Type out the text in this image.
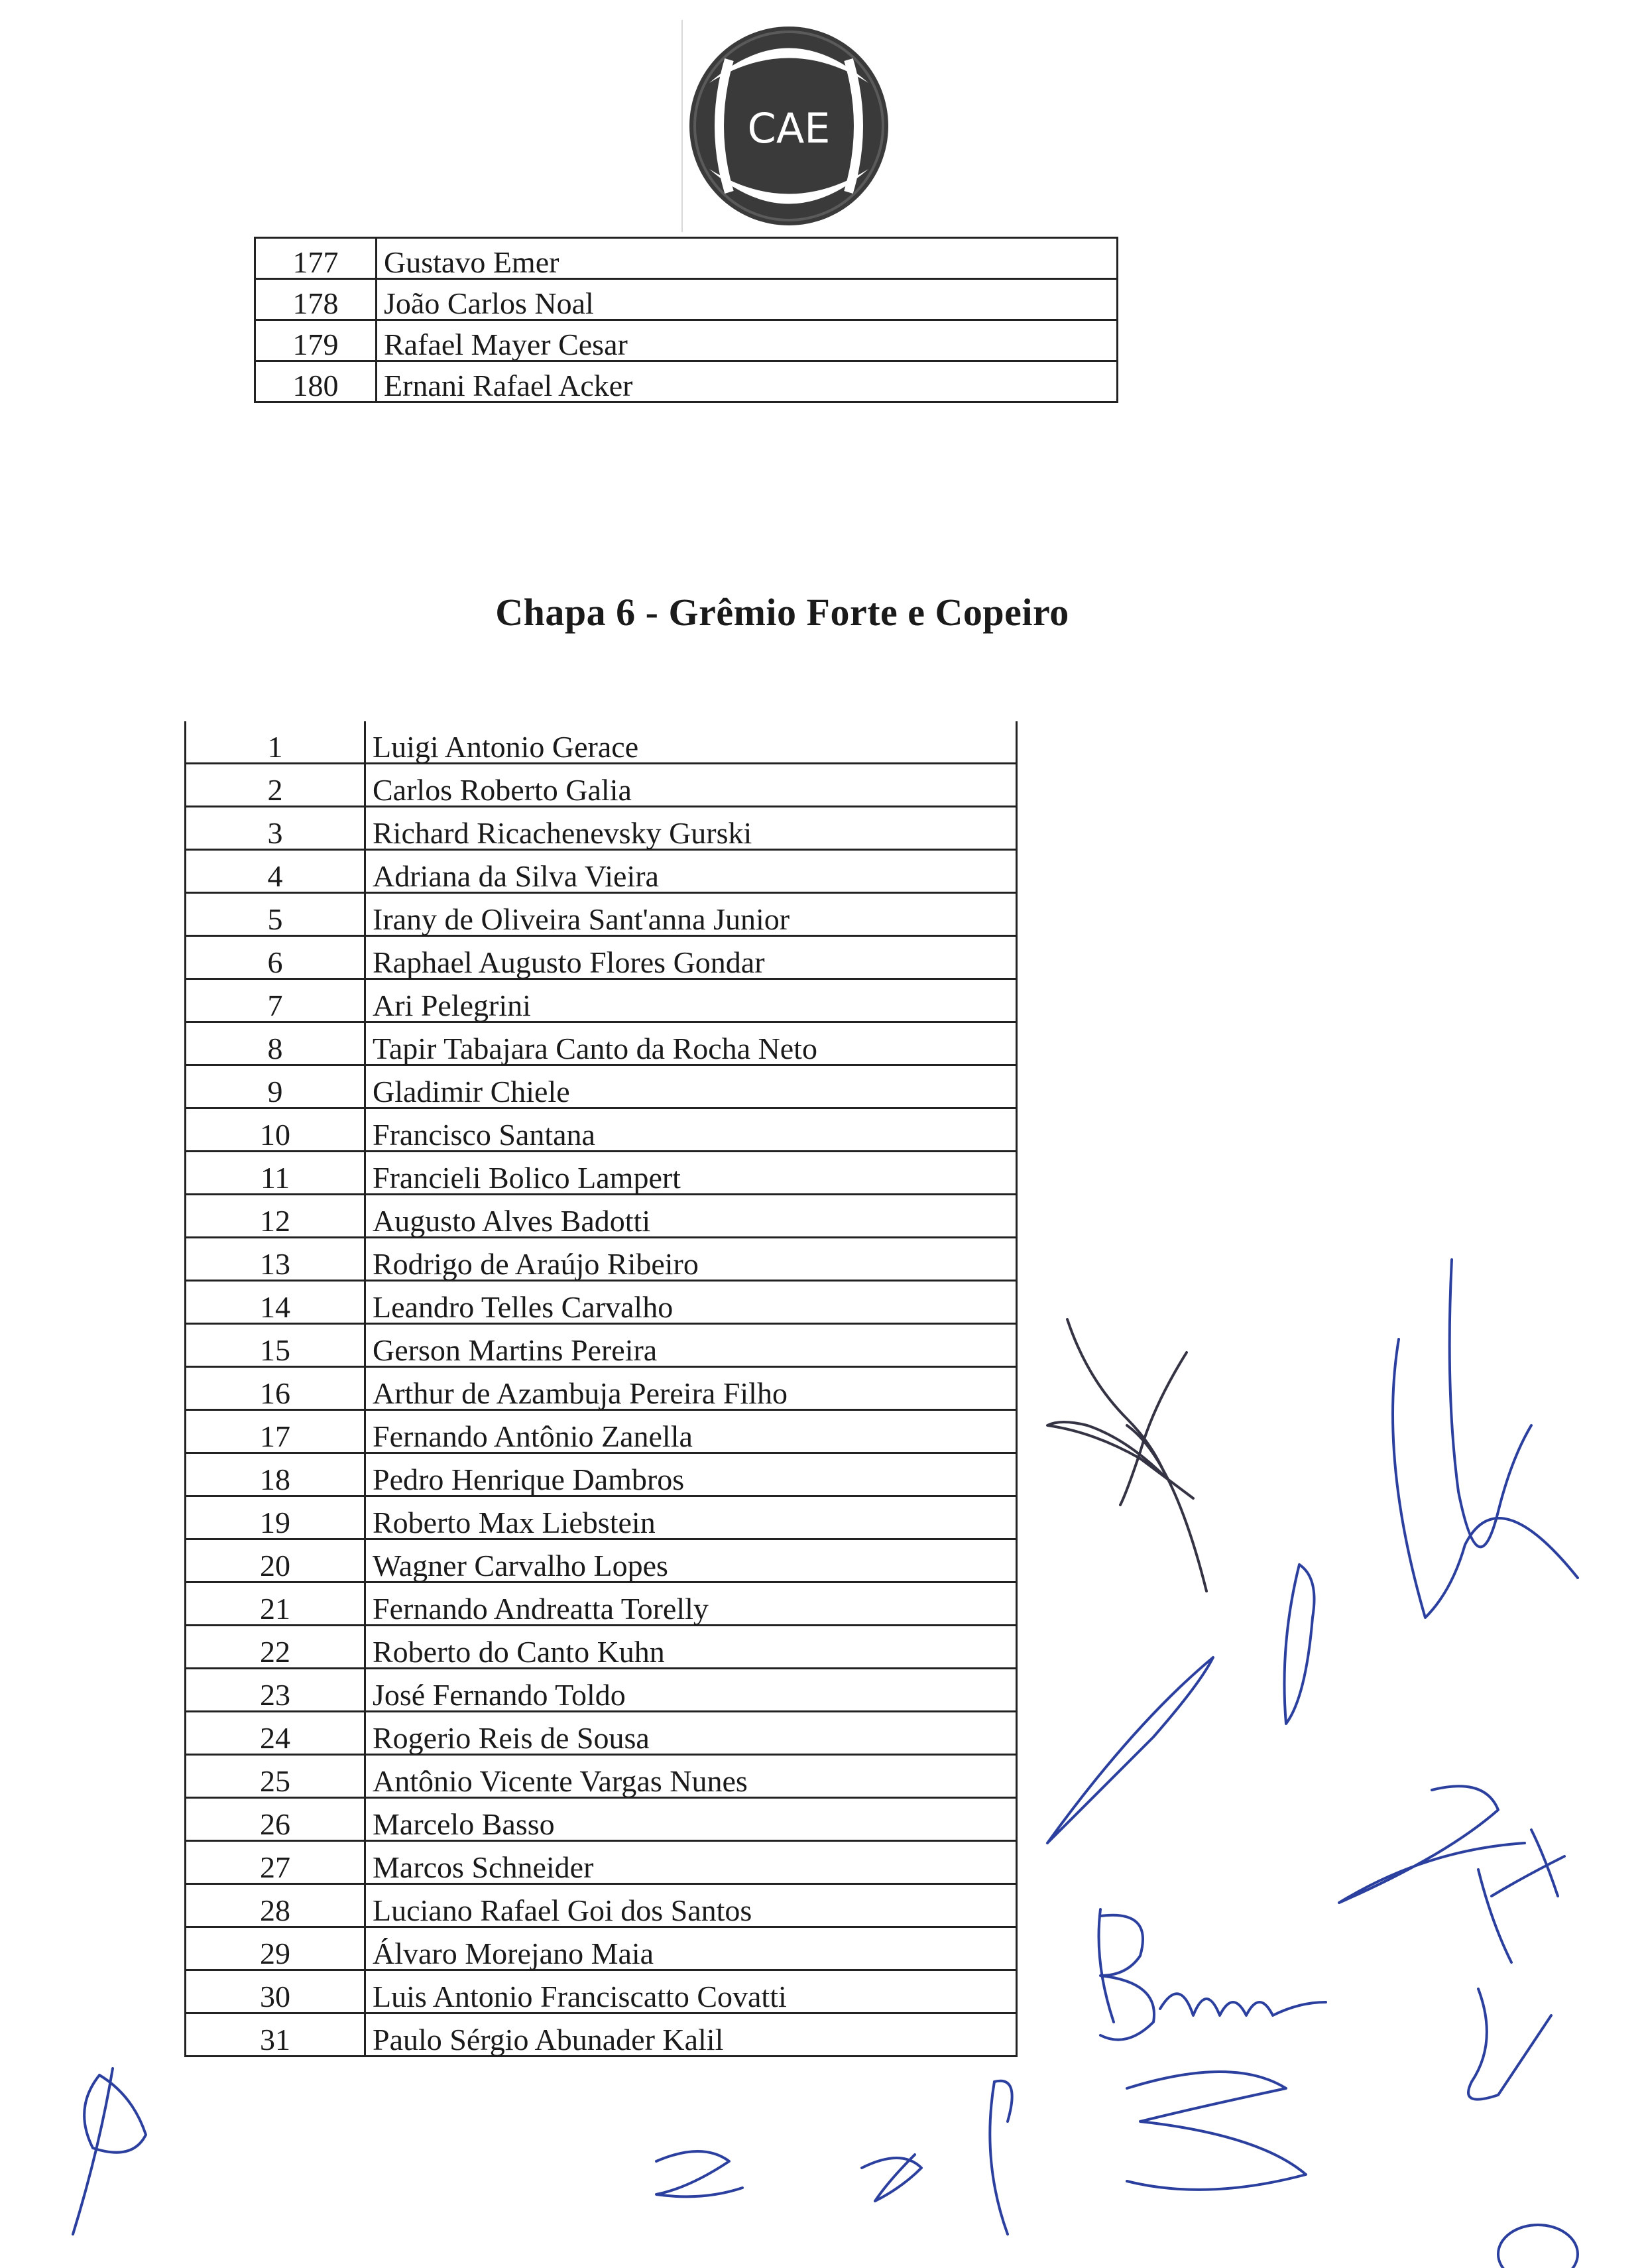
CAE
177	Gustavo Emer
178	João Carlos Noal
179	Rafael Mayer Cesar
180	Ernani Rafael Acker
Chapa 6 - Grêmio Forte e Copeiro
1	Luigi Antonio Gerace
2	Carlos Roberto Galia
3	Richard Ricachenevsky Gurski
4	Adriana da Silva Vieira
5	Irany de Oliveira Sant'anna Junior
6	Raphael Augusto Flores Gondar
7	Ari Pelegrini
8	Tapir Tabajara Canto da Rocha Neto
9	Gladimir Chiele
10	Francisco Santana
11	Francieli Bolico Lampert
12	Augusto Alves Badotti
13	Rodrigo de Araújo Ribeiro
14	Leandro Telles Carvalho
15	Gerson Martins Pereira
16	Arthur de Azambuja Pereira Filho
17	Fernando Antônio Zanella
18	Pedro Henrique Dambros
19	Roberto Max Liebstein
20	Wagner Carvalho Lopes
21	Fernando Andreatta Torelly
22	Roberto do Canto Kuhn
23	José Fernando Toldo
24	Rogerio Reis de Sousa
25	Antônio Vicente Vargas Nunes
26	Marcelo Basso
27	Marcos Schneider
28	Luciano Rafael Goi dos Santos
29	Álvaro Morejano Maia
30	Luis Antonio Franciscatto Covatti
31	Paulo Sérgio Abunader Kalil
